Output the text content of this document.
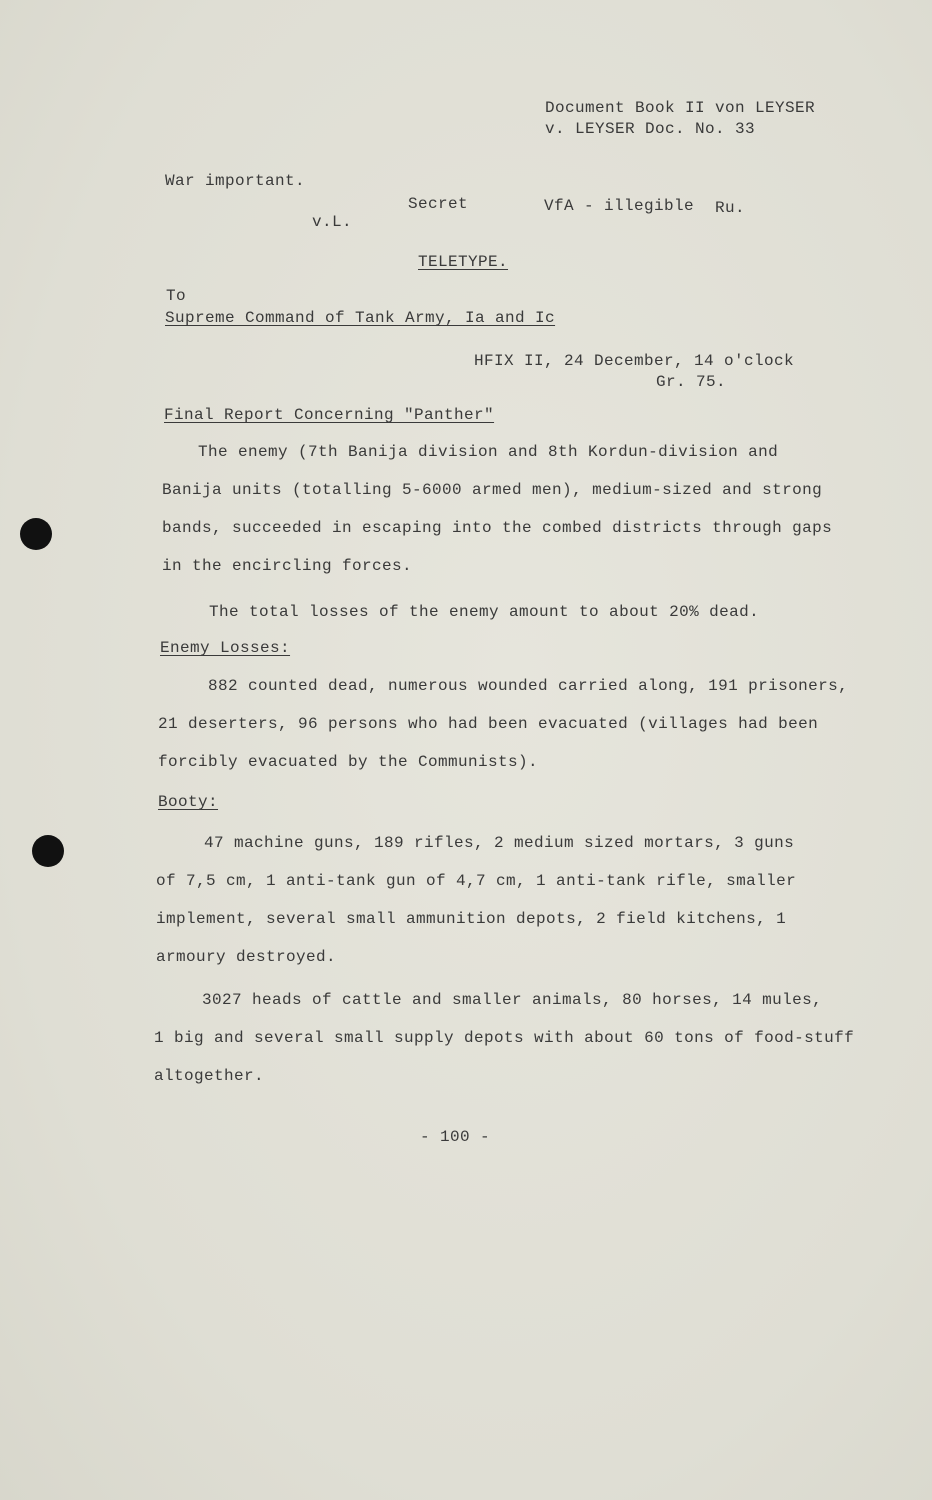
Document Book II von LEYSER
v. LEYSER Doc. No. 33
War important.
Secret	VfA - illegible Ru.
v.L.
TELETYPE.
To
Supreme Command of Tank Army, Ia and Ic
HFIX II, 24 December, 14 o'clock
Gr. 75.
Final Report Concerning "Panther"
The enemy (7th Banija division and 8th Kordun-division and
Banija units (totalling 5-6000 armed men), medium-sized and strong
bands, succeeded in escaping into the combed districts through gaps
in the encircling forces.
The total losses of the enemy amount to about 20% dead.
Enemy Losses:
882 counted dead, numerous wounded carried along, 191 prisoners,
21 deserters, 96 persons who had been evacuated (villages had been
forcibly evacuated by the Communists).
Booty:
47 machine guns, 189 rifles, 2 medium sized mortars, 3 guns
of 7,5 cm, 1 anti-tank gun of 4,7 cm, 1 anti-tank rifle, smaller
implement, several small ammunition depots, 2 field kitchens, 1
armoury destroyed.
3027 heads of cattle and smaller animals, 80 horses, 14 mules,
1 big and several small supply depots with about 60 tons of food-stuff
altogether.
- 100 -
